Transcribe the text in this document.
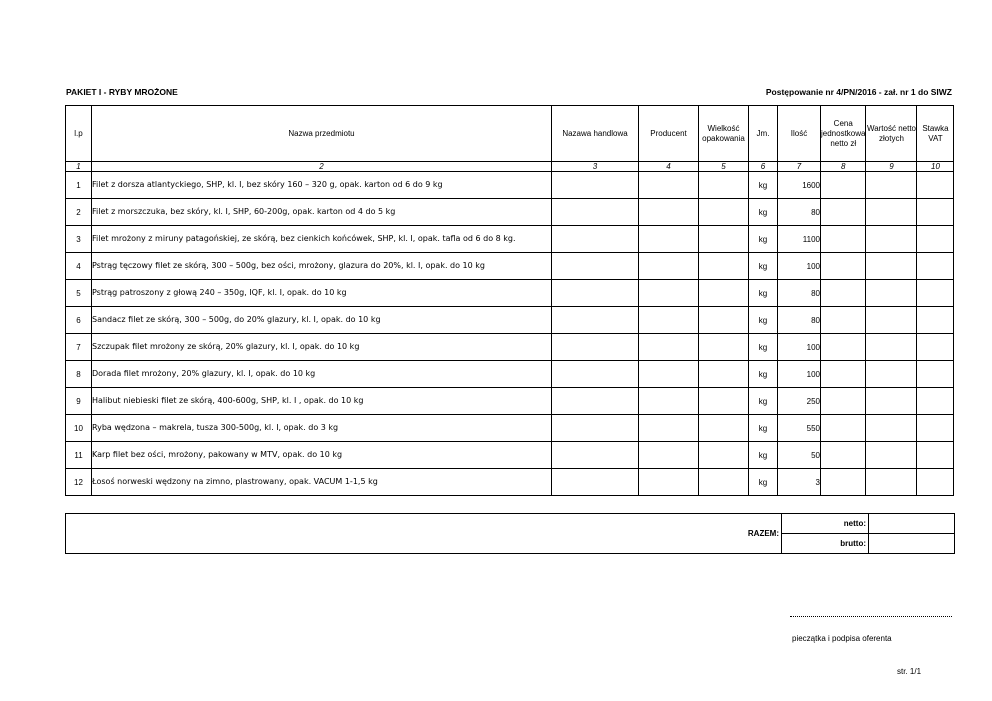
PAKIET I - RYBY MROŻONE	Postępowanie nr 4/PN/2016 - zał. nr 1 do SIWZ
l.p	Nazwa przedmiotu	Nazawa handlowa	Producent	Wielkość opakowania	Jm.	Ilość	Cena jednostkowa netto zł	Wartość netto złotych	Stawka VAT
1	2	3	4	5	6	7	8	9	10
1	Filet z dorsza atlantyckiego, SHP, kl. I, bez skóry 160 – 320 g, opak. karton od 6 do 9 kg				kg	1600			
2	Filet z morszczuka, bez skóry, kl. I, SHP, 60-200g, opak. karton od 4 do 5 kg				kg	80			
3	Filet mrożony z miruny patagońskiej, ze skórą, bez cienkich końcówek, SHP, kl. I, opak. tafla od 6 do 8 kg.				kg	1100			
4	Pstrąg tęczowy filet ze skórą, 300 – 500g, bez ości, mrożony, glazura do 20%, kl. I, opak. do 10 kg				kg	100			
5	Pstrąg patroszony z głową 240 – 350g, IQF, kl. I, opak. do 10 kg				kg	80			
6	Sandacz filet ze skórą, 300 – 500g, do 20% glazury, kl. I, opak. do 10 kg				kg	80			
7	Szczupak filet mrożony ze skórą, 20% glazury, kl. I, opak. do 10 kg				kg	100			
8	Dorada filet mrożony, 20% glazury, kl. I, opak. do 10 kg				kg	100			
9	Halibut niebieski filet ze skórą, 400-600g, SHP, kl. I , opak. do 10 kg				kg	250			
10	Ryba wędzona – makrela, tusza 300-500g, kl. I, opak. do 3 kg				kg	550			
11	Karp filet bez ości, mrożony, pakowany w MTV, opak. do 10 kg				kg	50			
12	Łosoś norweski wędzony na zimno, plastrowany, opak. VACUM 1-1,5 kg				kg	3			
RAZEM:	netto:	
	brutto:	
pieczątka i podpisa oferenta
str. 1/1
